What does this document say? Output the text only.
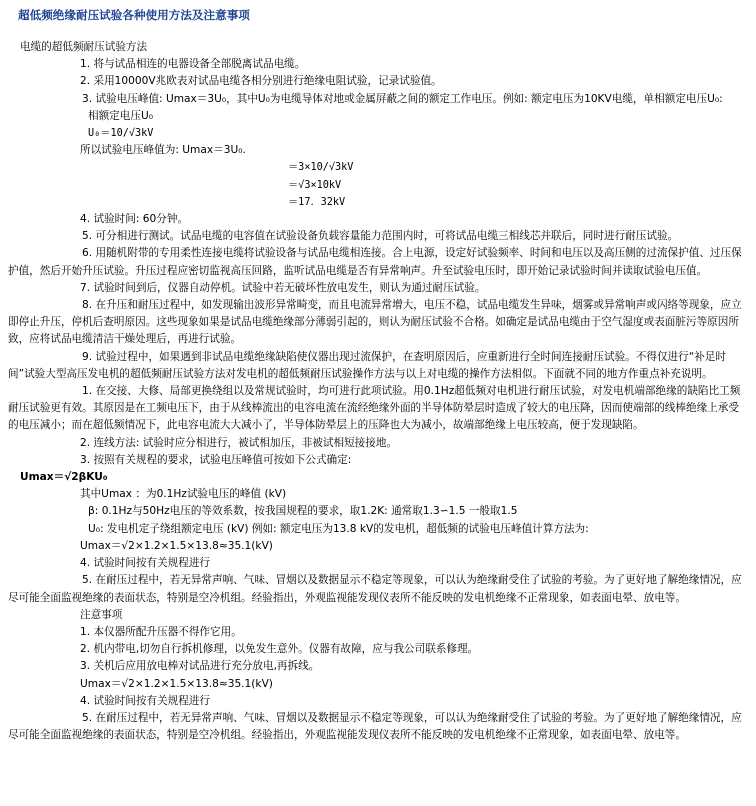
超低频绝缘耐压试验各种使用方法及注意事项
电缆的超低频耐压试验方法
1. 将与试品相连的电器设备全部脱离试品电缆。
2. 采用10000V兆欧表对试品电缆各相分别进行绝缘电阻试验，记录试验值。
3. 试验电压峰值: Umax＝3U₀，其中U₀为电缆导体对地或金属屏蔽之间的额定工作电压。例如: 额定电压为10KV电缆，单相额定电压U₀:
相额定电压U₀
U₀＝10/√3kV
所以试验电压峰值为: Umax＝3U₀.
＝3×10/√3kV
＝√3×10kV
＝17．32kV
4. 试验时间: 60分钟。
5. 可分相进行测试。试品电缆的电容值在试验设备负载容量能力范围内时，可将试品电缆三相线芯并联后，同时进行耐压试验。
6. 用随机附带的专用柔性连接电缆将试验设备与试品电缆相连接。合上电源，设定好试验频率、时间和电压以及高压侧的过流保护值、过压保护值，然后开始升压试验。升压过程应密切监视高压回路，监听试品电缆是否有异常响声。升至试验电压时，即开始记录试验时间并读取试验电压值。
7. 试验时间到后，仪器自动停机。试验中若无破坏性放电发生，则认为通过耐压试验。
8. 在升压和耐压过程中，如发现输出波形异常畸变，而且电流异常增大，电压不稳，试品电缆发生异味，烟雾或异常响声或闪络等现象，应立即停止升压，停机后查明原因。这些现象如果是试品电缆绝缘部分薄弱引起的，则认为耐压试验不合格。如确定是试品电缆由于空气湿度或表面脏污等原因所致，应将试品电缆清洁干燥处理后，再进行试验。
9. 试验过程中，如果遇到非试品电缆绝缘缺陷使仪器出现过流保护，在查明原因后，应重新进行全时间连接耐压试验。不得仅进行“补足时间”试验大型高压发电机的超低频耐压试验方法对发电机的超低频耐压试验操作方法与以上对电缆的操作方法相似。下面就不同的地方作重点补充说明。
1. 在交接、大修、局部更换绕组以及常规试验时，均可进行此项试验。用0.1Hz超低频对电机进行耐压试验，对发电机端部绝缘的缺陷比工频耐压试验更有效。其原因是在工频电压下，由于从线棒流出的电容电流在流经绝缘外面的半导体防晕层时造成了较大的电压降，因而使端部的线棒绝缘上承受的电压减小；而在超低频情况下，此电容电流大大减小了，半导体防晕层上的压降也大为减小，故端部绝缘上电压较高，便于发现缺陷。
2. 连线方法: 试验时应分相进行，被试相加压，非被试相短接接地。
3. 按照有关规程的要求，试验电压峰值可按如下公式确定:
Umax＝√2βKU₀
其中Umax ：为0.1Hz试验电压的峰值 (kV)
β: 0.1Hz与50Hz电压的等效系数，按我国规程的要求，取1.2K: 通常取1.3∽1.5 一般取1.5
U₀: 发电机定子绕组额定电压 (kV) 例如: 额定电压为13.8 kV的发电机，超低频的试验电压峰值计算方法为:
Umax＝√2×1.2×1.5×13.8≈35.1(kV)
4. 试验时间按有关规程进行
5. 在耐压过程中，若无异常声响、气味、冒烟以及数据显示不稳定等现象，可以认为绝缘耐受住了试验的考验。为了更好地了解绝缘情况，应尽可能全面监视绝缘的表面状态，特别是空冷机组。经验指出，外观监视能发现仪表所不能反映的发电机绝缘不正常现象，如表面电晕、放电等。
注意事项
1. 本仪器所配升压器不得作它用。
2. 机内带电,切勿自行拆机修理，以免发生意外。仪器有故障，应与我公司联系修理。
3. 关机后应用放电棒对试品进行充分放电,再拆线。
Umax＝√2×1.2×1.5×13.8≈35.1(kV)
4. 试验时间按有关规程进行
5. 在耐压过程中，若无异常声响、气味、冒烟以及数据显示不稳定等现象，可以认为绝缘耐受住了试验的考验。为了更好地了解绝缘情况，应尽可能全面监视绝缘的表面状态，特别是空冷机组。经验指出，外观监视能发现仪表所不能反映的发电机绝缘不正常现象，如表面电晕、放电等。
